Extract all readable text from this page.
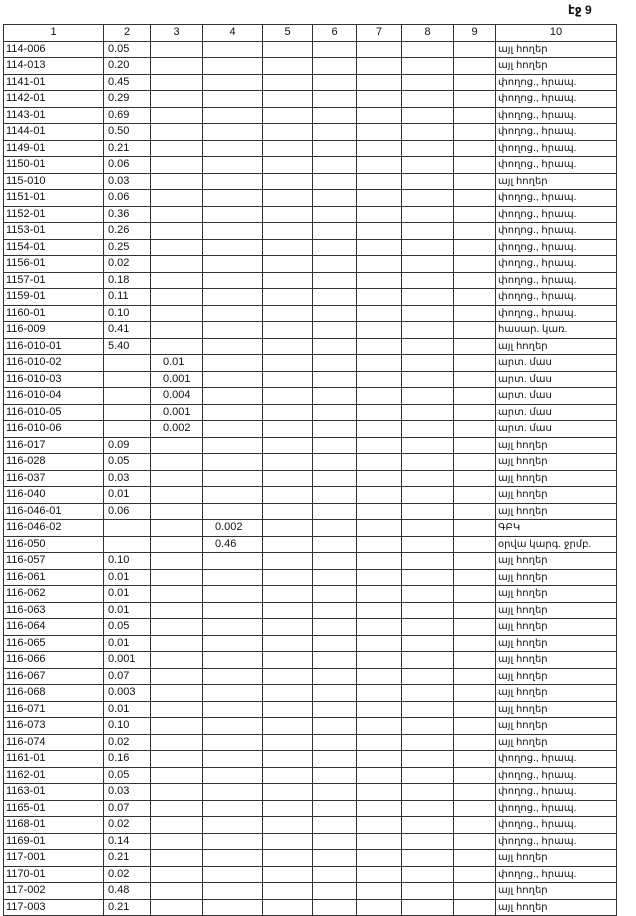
էջ 9
1	2	3	4	5	6	7	8	9	10
114-006	0.05								այլ հողեր
114-013	0.20								այլ հողեր
1141-01	0.45								փողոց., հրապ.
1142-01	0.29								փողոց., հրապ.
1143-01	0.69								փողոց., հրապ.
1144-01	0.50								փողոց., հրապ.
1149-01	0.21								փողոց., հրապ.
1150-01	0.06								փողոց., հրապ.
115-010	0.03								այլ հողեր
1151-01	0.06								փողոց., հրապ.
1152-01	0.36								փողոց., հրապ.
1153-01	0.26								փողոց., հրապ.
1154-01	0.25								փողոց., հրապ.
1156-01	0.02								փողոց., հրապ.
1157-01	0.18								փողոց., հրապ.
1159-01	0.11								փողոց., հրապ.
1160-01	0.10								փողոց., հրապ.
116-009	0.41								հասար. կառ.
116-010-01	5.40								այլ հողեր
116-010-02		0.01							արտ. մաս
116-010-03		0.001							արտ. մաս
116-010-04		0.004							արտ. մաս
116-010-05		0.001							արտ. մաս
116-010-06		0.002							արտ. մաս
116-017	0.09								այլ հողեր
116-028	0.05								այլ հողեր
116-037	0.03								այլ հողեր
116-040	0.01								այլ հողեր
116-046-01	0.06								այլ հողեր
116-046-02			0.002						ԳԲԿ
116-050			0.46						օրվա կարգ. ջրմբ.
116-057	0.10								այլ հողեր
116-061	0.01								այլ հողեր
116-062	0.01								այլ հողեր
116-063	0.01								այլ հողեր
116-064	0.05								այլ հողեր
116-065	0.01								այլ հողեր
116-066	0.001								այլ հողեր
116-067	0.07								այլ հողեր
116-068	0.003								այլ հողեր
116-071	0.01								այլ հողեր
116-073	0.10								այլ հողեր
116-074	0.02								այլ հողեր
1161-01	0.16								փողոց., հրապ.
1162-01	0.05								փողոց., հրապ.
1163-01	0.03								փողոց., հրապ.
1165-01	0.07								փողոց., հրապ.
1168-01	0.02								փողոց., հրապ.
1169-01	0.14								փողոց., հրապ.
117-001	0.21								այլ հողեր
1170-01	0.02								փողոց., հրապ.
117-002	0.48								այլ հողեր
117-003	0.21								այլ հողեր
